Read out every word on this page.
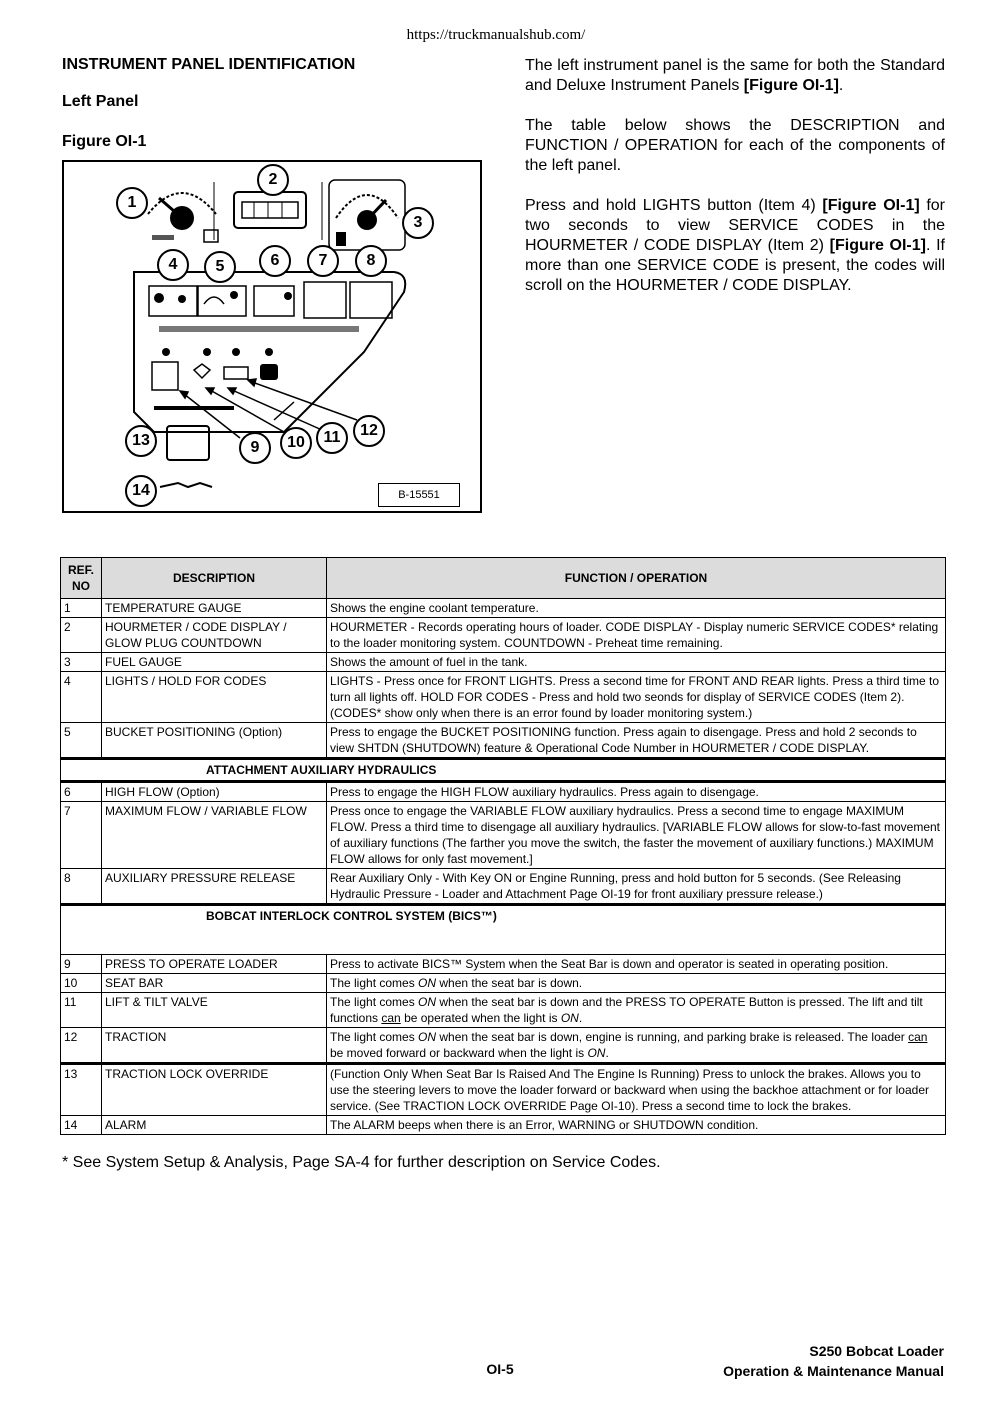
https://truckmanualshub.com/
INSTRUMENT PANEL IDENTIFICATION
Left Panel
Figure OI-1

The left instrument panel is the same for both the Standard and Deluxe Instrument Panels [Figure OI-1].

The table below shows the DESCRIPTION and FUNCTION / OPERATION for each of the components of the left panel.

Press and hold LIGHTS button (Item 4) [Figure OI-1] for two seconds to view SERVICE CODES in the HOURMETER / CODE DISPLAY (Item 2) [Figure OI-1]. If more than one SERVICE CODE is present, the codes will scroll on the HOURMETER / CODE DISPLAY.

1
2
3
4	5	6	7	8
9	10	11	12
13
14	B-15551
REF. NO	DESCRIPTION	FUNCTION / OPERATION
1	TEMPERATURE GAUGE	Shows the engine coolant temperature.
2	HOURMETER / CODE DISPLAY / GLOW PLUG COUNTDOWN	HOURMETER - Records operating hours of loader. CODE DISPLAY - Display numeric SERVICE CODES* relating to the loader monitoring system. COUNTDOWN - Preheat time remaining.
3	FUEL GAUGE	Shows the amount of fuel in the tank.
4	LIGHTS / HOLD FOR CODES	LIGHTS - Press once for FRONT LIGHTS. Press a second time for FRONT AND REAR lights. Press a third time to turn all lights off. HOLD FOR CODES - Press and hold two seonds for display of SERVICE CODES (Item 2). (CODES* show only when there is an error found by loader monitoring system.)
5	BUCKET POSITIONING (Option)	Press to engage the BUCKET POSITIONING function. Press again to disengage. Press and hold 2 seconds to view SHTDN (SHUTDOWN) feature & Operational Code Number in HOURMETER / CODE DISPLAY.
ATTACHMENT AUXILIARY HYDRAULICS		
6	HIGH FLOW (Option)	Press to engage the HIGH FLOW auxiliary hydraulics. Press again to disengage.
7	MAXIMUM FLOW / VARIABLE FLOW	Press once to engage the VARIABLE FLOW auxiliary hydraulics. Press a second time to engage MAXIMUM FLOW. Press a third time to disengage all auxiliary hydraulics. [VARIABLE FLOW allows for slow-to-fast movement of auxiliary functions (The farther you move the switch, the faster the movement of auxiliary functions.) MAXIMUM FLOW allows for only fast movement.]
8	AUXILIARY PRESSURE RELEASE	Rear Auxiliary Only - With Key ON or Engine Running, press and hold button for 5 seconds. (See Releasing Hydraulic Pressure - Loader and Attachment Page OI-19 for front auxiliary pressure release.)
BOBCAT INTERLOCK CONTROL SYSTEM (BICS™)		
9	PRESS TO OPERATE LOADER	Press to activate BICS™ System when the Seat Bar is down and operator is seated in operating position.
10	SEAT BAR	The light comes ON when the seat bar is down.
11	LIFT & TILT VALVE	The light comes ON when the seat bar is down and the PRESS TO OPERATE Button is pressed. The lift and tilt functions can be operated when the light is ON.
12	TRACTION	The light comes ON when the seat bar is down, engine is running, and parking brake is released. The loader can be moved forward or backward when the light is ON.
13	TRACTION LOCK OVERRIDE	(Function Only When Seat Bar Is Raised And The Engine Is Running) Press to unlock the brakes. Allows you to use the steering levers to move the loader forward or backward when using the backhoe attachment or for loader service. (See TRACTION LOCK OVERRIDE Page OI-10). Press a second time to lock the brakes.
14	ALARM	The ALARM beeps when there is an Error, WARNING or SHUTDOWN condition.
* See System Setup & Analysis, Page SA-4 for further description on Service Codes.
OI-5
S250 Bobcat Loader
Operation & Maintenance Manual
